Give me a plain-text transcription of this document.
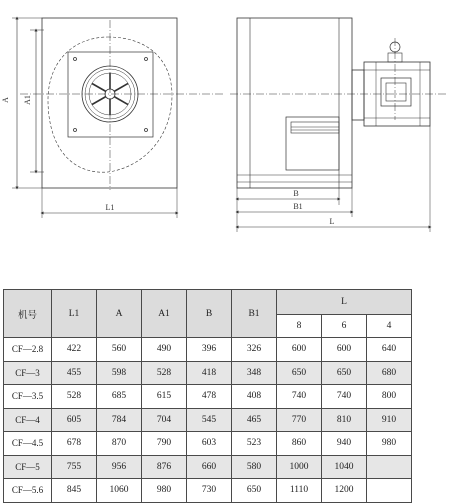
A A1
L1
B
B1
L
机号	L1	A	A1	B	B1	L		
						8	6	4
CF—2.8	422	560	490	396	326	600	600	640
CF—3	455	598	528	418	348	650	650	680
CF—3.5	528	685	615	478	408	740	740	800
CF—4	605	784	704	545	465	770	810	910
CF—4.5	678	870	790	603	523	860	940	980
CF—5	755	956	876	660	580	1000	1040	
CF—5.6	845	1060	980	730	650	1110	1200	
